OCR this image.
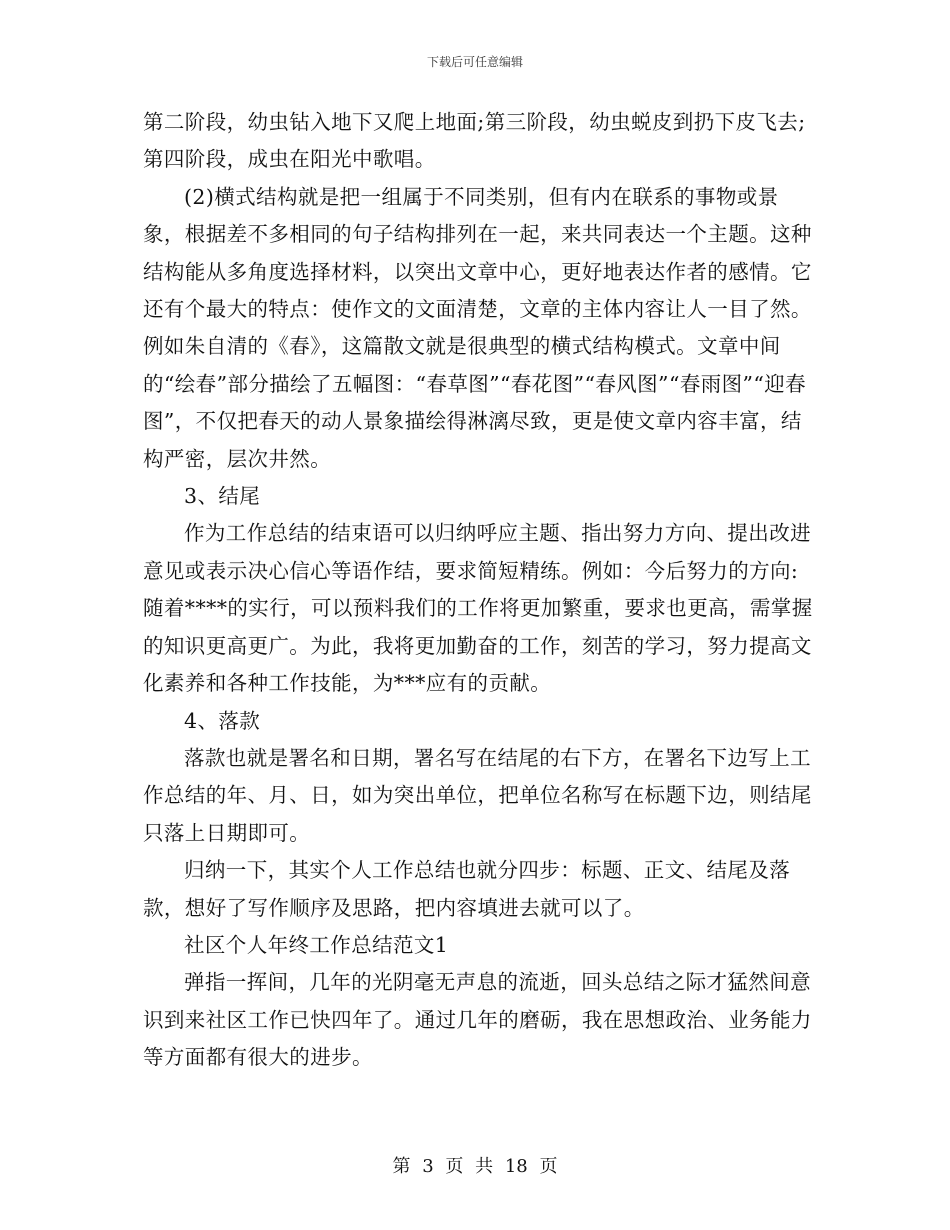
下载后可任意编辑

第二阶段，幼虫钻入地下又爬上地面;第三阶段，幼虫蜕皮到扔下皮飞去;第四阶段，成虫在阳光中歌唱。

(2)横式结构就是把一组属于不同类别，但有内在联系的事物或景象，根据差不多相同的句子结构排列在一起，来共同表达一个主题。这种结构能从多角度选择材料，以突出文章中心，更好地表达作者的感情。它还有个最大的特点：使作文的文面清楚，文章的主体内容让人一目了然。 例如朱自清的《春》，这篇散文就是很典型的横式结构模式。文章中间的“绘春”部分描绘了五幅图：“春草图”“春花图”“春风图”“春雨图”“迎春图”，不仅把春天的动人景象描绘得淋漓尽致，更是使文章内容丰富，结构严密，层次井然。

3、结尾

作为工作总结的结束语可以归纳呼应主题、指出努力方向、提出改进意见或表示决心信心等语作结，要求简短精练。例如：今后努力的方向:随着****的实行，可以预料我们的工作将更加繁重，要求也更高，需掌握的知识更高更广。为此，我将更加勤奋的工作，刻苦的学习，努力提高文化素养和各种工作技能，为***应有的贡献。

4、落款

落款也就是署名和日期，署名写在结尾的右下方，在署名下边写上工作总结的年、月、日，如为突出单位，把单位名称写在标题下边，则结尾只落上日期即可。

归纳一下，其实个人工作总结也就分四步：标题、正文、结尾及落款，想好了写作顺序及思路，把内容填进去就可以了。

社区个人年终工作总结范文1

弹指一挥间，几年的光阴毫无声息的流逝，回头总结之际才猛然间意识到来社区工作已快四年了。通过几年的磨砺，我在思想政治、业务能力等方面都有很大的进步。

第 3 页 共 18 页
